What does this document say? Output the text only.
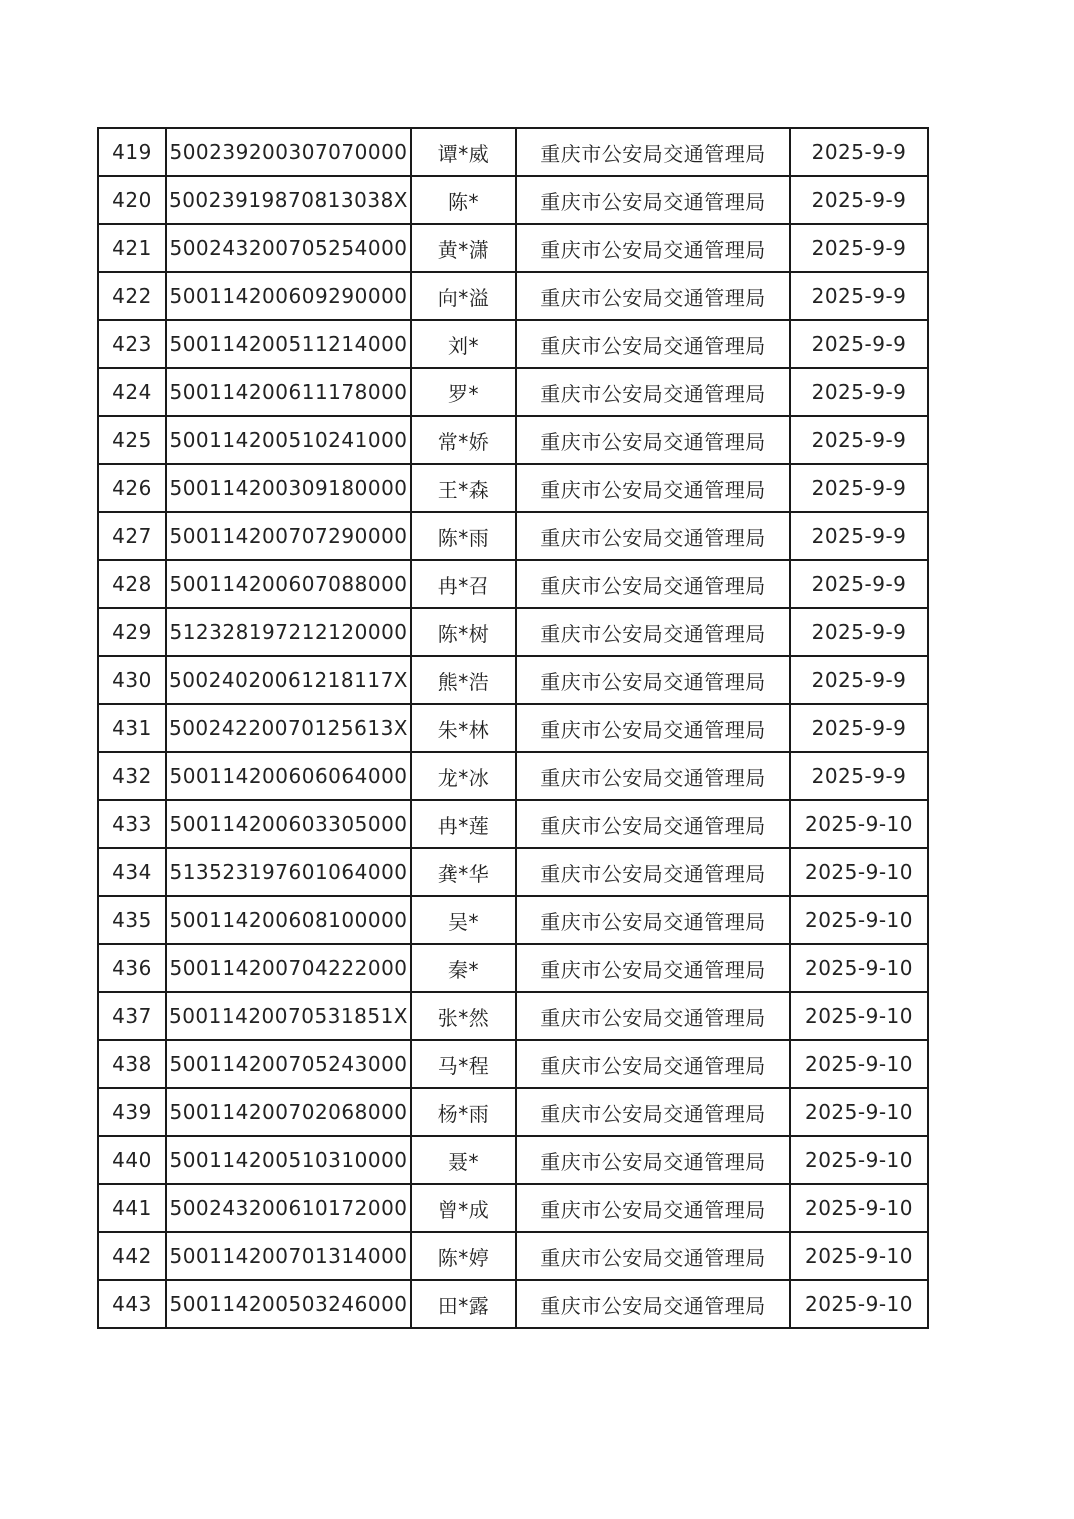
419	500239200307070000	谭*威	重庆市公安局交通管理局	2025-9-9
420	50023919870813038X	陈*	重庆市公安局交通管理局	2025-9-9
421	500243200705254000	黄*潇	重庆市公安局交通管理局	2025-9-9
422	500114200609290000	向*溢	重庆市公安局交通管理局	2025-9-9
423	500114200511214000	刘*	重庆市公安局交通管理局	2025-9-9
424	500114200611178000	罗*	重庆市公安局交通管理局	2025-9-9
425	500114200510241000	常*娇	重庆市公安局交通管理局	2025-9-9
426	500114200309180000	王*森	重庆市公安局交通管理局	2025-9-9
427	500114200707290000	陈*雨	重庆市公安局交通管理局	2025-9-9
428	500114200607088000	冉*召	重庆市公安局交通管理局	2025-9-9
429	512328197212120000	陈*树	重庆市公安局交通管理局	2025-9-9
430	50024020061218117X	熊*浩	重庆市公安局交通管理局	2025-9-9
431	50024220070125613X	朱*林	重庆市公安局交通管理局	2025-9-9
432	500114200606064000	龙*冰	重庆市公安局交通管理局	2025-9-9
433	500114200603305000	冉*莲	重庆市公安局交通管理局	2025-9-10
434	513523197601064000	龚*华	重庆市公安局交通管理局	2025-9-10
435	500114200608100000	吴*	重庆市公安局交通管理局	2025-9-10
436	500114200704222000	秦*	重庆市公安局交通管理局	2025-9-10
437	50011420070531851X	张*然	重庆市公安局交通管理局	2025-9-10
438	500114200705243000	马*程	重庆市公安局交通管理局	2025-9-10
439	500114200702068000	杨*雨	重庆市公安局交通管理局	2025-9-10
440	500114200510310000	聂*	重庆市公安局交通管理局	2025-9-10
441	500243200610172000	曾*成	重庆市公安局交通管理局	2025-9-10
442	500114200701314000	陈*婷	重庆市公安局交通管理局	2025-9-10
443	500114200503246000	田*露	重庆市公安局交通管理局	2025-9-10
